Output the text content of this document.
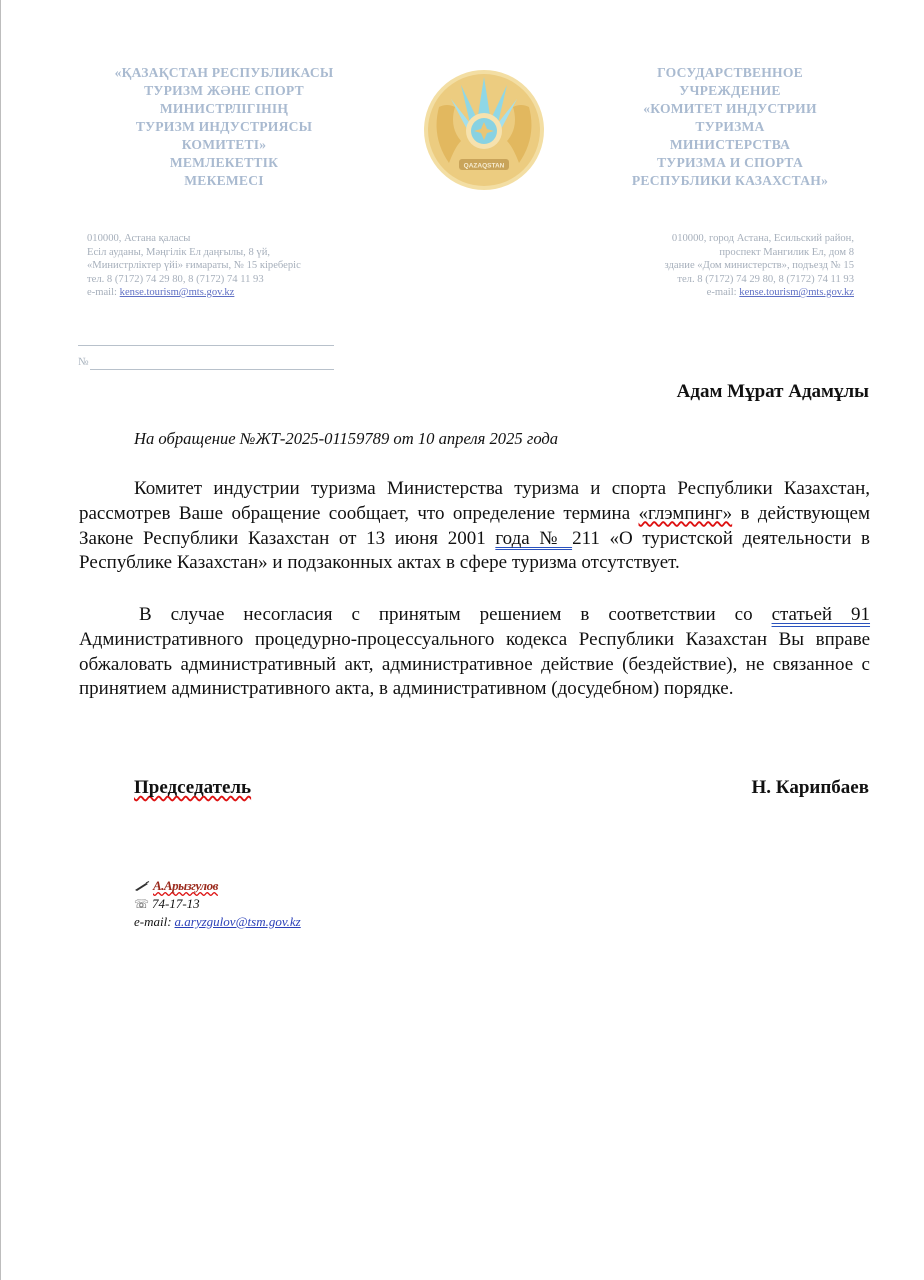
«ҚАЗАҚСТАН РЕСПУБЛИКАСЫ
ТУРИЗМ ЖӘНЕ СПОРТ
МИНИСТРЛІГІНІҢ
ТУРИЗМ ИНДУСТРИЯСЫ
КОМИТЕТІ»
МЕМЛЕКЕТТІК
МЕКЕМЕСІ
QAZAQSTAN
ГОСУДАРСТВЕННОЕ
УЧРЕЖДЕНИЕ
«КОМИТЕТ ИНДУСТРИИ
ТУРИЗМА
МИНИСТЕРСТВА
ТУРИЗМА И СПОРТА
РЕСПУБЛИКИ КАЗАХСТАН»
010000, Астана қаласы
Есіл ауданы, Мәңгілік Ел даңғылы, 8 үй,
«Министрліктер үйі» ғимараты, № 15 кіреберіс
тел. 8 (7172) 74 29 80, 8 (7172) 74 11 93
e-mail: kense.tourism@mts.gov.kz
010000, город Астана, Есильский район,
проспект Мангилик Ел, дом 8
здание «Дом министерств», подъезд № 15
тел. 8 (7172) 74 29 80, 8 (7172) 74 11 93
e-mail: kense.tourism@mts.gov.kz
№
Адам Мұрат Адамұлы
На обращение №ЖТ-2025-01159789 от 10 апреля 2025 года

Комитет индустрии туризма Министерства туризма и спорта Республики Казахстан, рассмотрев Ваше обращение сообщает, что определение термина «глэмпинг» в действующем Законе Республики Казахстан от 13 июня 2001 года № 211 «О туристской деятельности в Республике Казахстан» и подзаконных актах в сфере туризма отсутствует.

В случае несогласия с принятым решением в соответствии со статьей 91 Административного процедурно-процессуального кодекса Республики Казахстан Вы вправе обжаловать административный акт, административное действие (бездействие), не связанное с принятием административного акта, в административном (досудебном) порядке.

Председатель	Н. Карипбаев
А.Арызгулов
☏ 74-17-13
e-mail: a.aryzgulov@tsm.gov.kz
